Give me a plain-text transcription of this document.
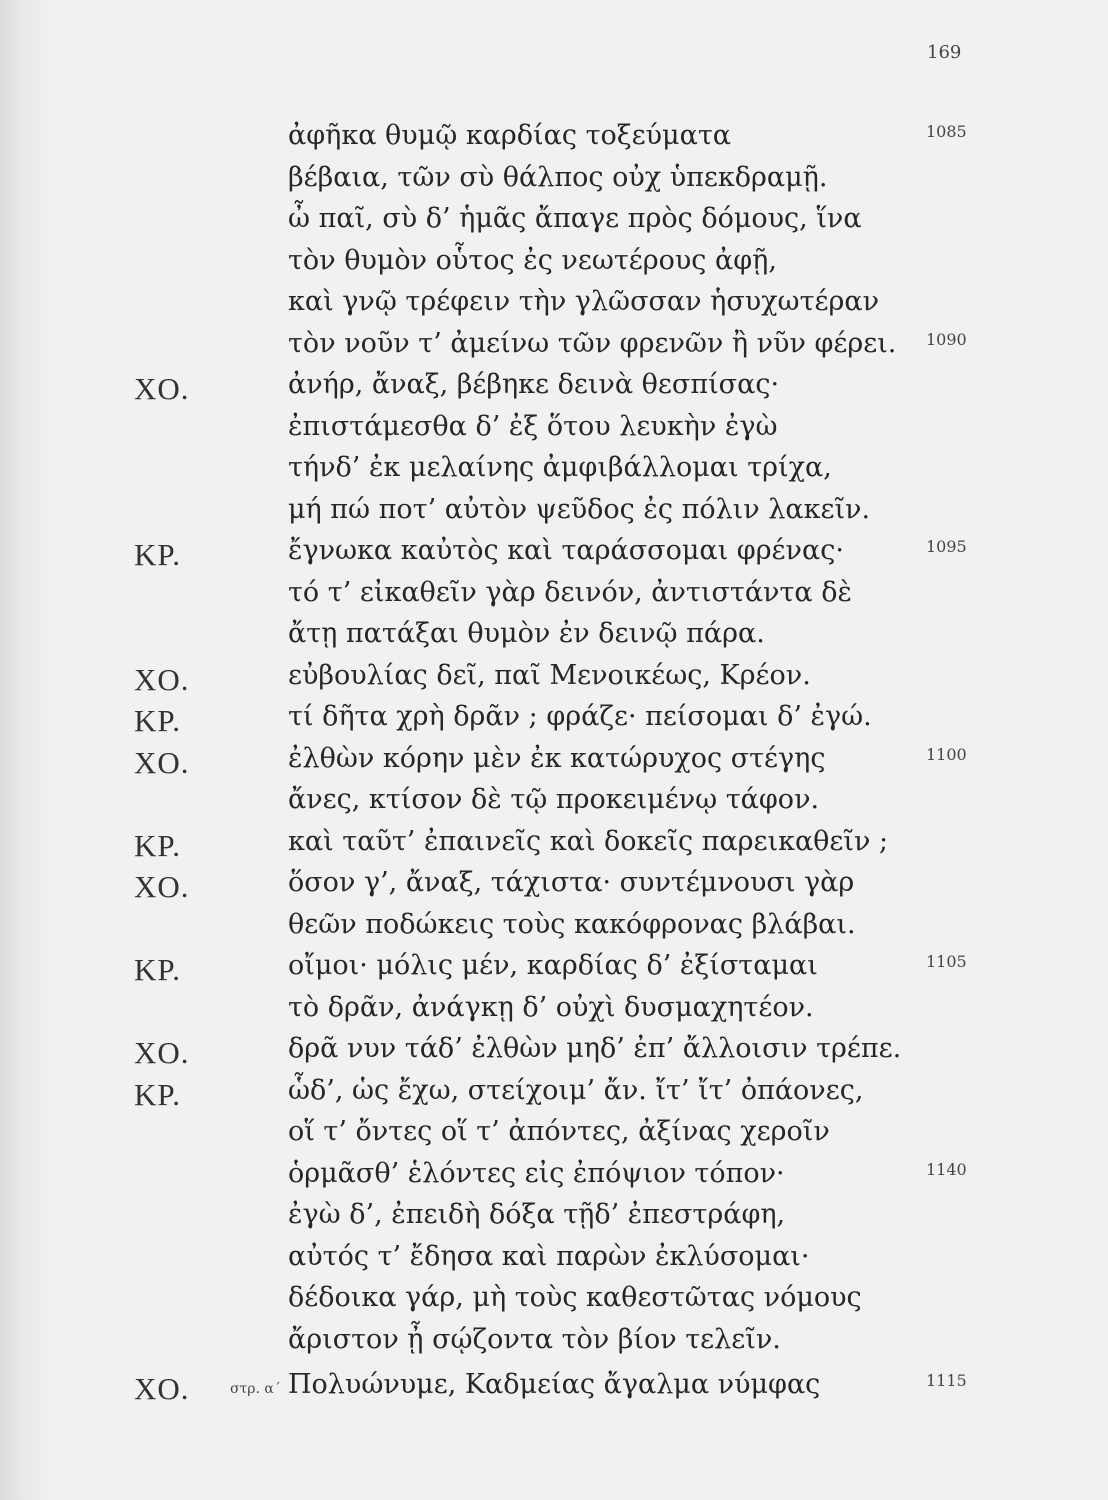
169
ἀφῆκα θυμῷ καρδίας τοξεύματα	1085
βέβαια, τῶν σὺ θάλπος οὐχ ὑπεκδραμῇ.
ὦ παῖ, σὺ δ’ ἡμᾶς ἄπαγε πρὸς δόμους, ἵνα
τὸν θυμὸν οὗτος ἐς νεωτέρους ἀφῇ,
καὶ γνῷ τρέφειν τὴν γλῶσσαν ἡσυχωτέραν
τὸν νοῦν τ’ ἀμείνω τῶν φρενῶν ἢ νῦν φέρει. 1090
ΧΟ.	ἀνήρ, ἄναξ, βέβηκε δεινὰ θεσπίσας·
ἐπιστάμεσθα δ’ ἐξ ὅτου λευκὴν ἐγὼ
τήνδ’ ἐκ μελαίνης ἀμφιβάλλομαι τρίχα,
μή πώ ποτ’ αὐτὸν ψεῦδος ἐς πόλιν λακεῖν.
ΚΡ.	ἔγνωκα καὐτὸς καὶ ταράσσομαι φρένας·	1095
τό τ’ εἰκαθεῖν γὰρ δεινόν, ἀντιστάντα δὲ
ἄτῃ πατάξαι θυμὸν ἐν δεινῷ πάρα.
ΧΟ.	εὐβουλίας δεῖ, παῖ Μενοικέως, Κρέον.
ΚΡ.	τί δῆτα χρὴ δρᾶν ; φράζε· πείσομαι δ’ ἐγώ.
ΧΟ.	ἐλθὼν κόρην μὲν ἐκ κατώρυχος στέγης	1100
ἄνες, κτίσον δὲ τῷ προκειμένῳ τάφον.
ΚΡ.	καὶ ταῦτ’ ἐπαινεῖς καὶ δοκεῖς παρεικαθεῖν ;
ΧΟ.	ὅσον γ’, ἄναξ, τάχιστα· συντέμνουσι γὰρ
θεῶν ποδώκεις τοὺς κακόφρονας βλάβαι.
ΚΡ.	οἴμοι· μόλις μέν, καρδίας δ’ ἐξίσταμαι	1105
τὸ δρᾶν, ἀνάγκῃ δ’ οὐχὶ δυσμαχητέον.
ΧΟ.	δρᾶ νυν τάδ’ ἐλθὼν μηδ’ ἐπ’ ἄλλοισιν τρέπε.
ΚΡ.	ὧδ’, ὡς ἔχω, στείχοιμ’ ἄν. ἴτ’ ἴτ’ ὀπάονες,
οἵ τ’ ὄντες οἵ τ’ ἀπόντες, ἀξίνας χεροῖν
ὁρμᾶσθ’ ἑλόντες εἰς ἐπόψιον τόπον·	1140
ἐγὼ δ’, ἐπειδὴ δόξα τῇδ’ ἐπεστράφη,
αὐτός τ’ ἔδησα καὶ παρὼν ἐκλύσομαι·
δέδοικα γάρ, μὴ τοὺς καθεστῶτας νόμους
ἄριστον ᾖ σῴζοντα τὸν βίον τελεῖν.
ΧΟ.	στρ. α΄ Πολυώνυμε, Καδμείας ἄγαλμα νύμφας	1115
